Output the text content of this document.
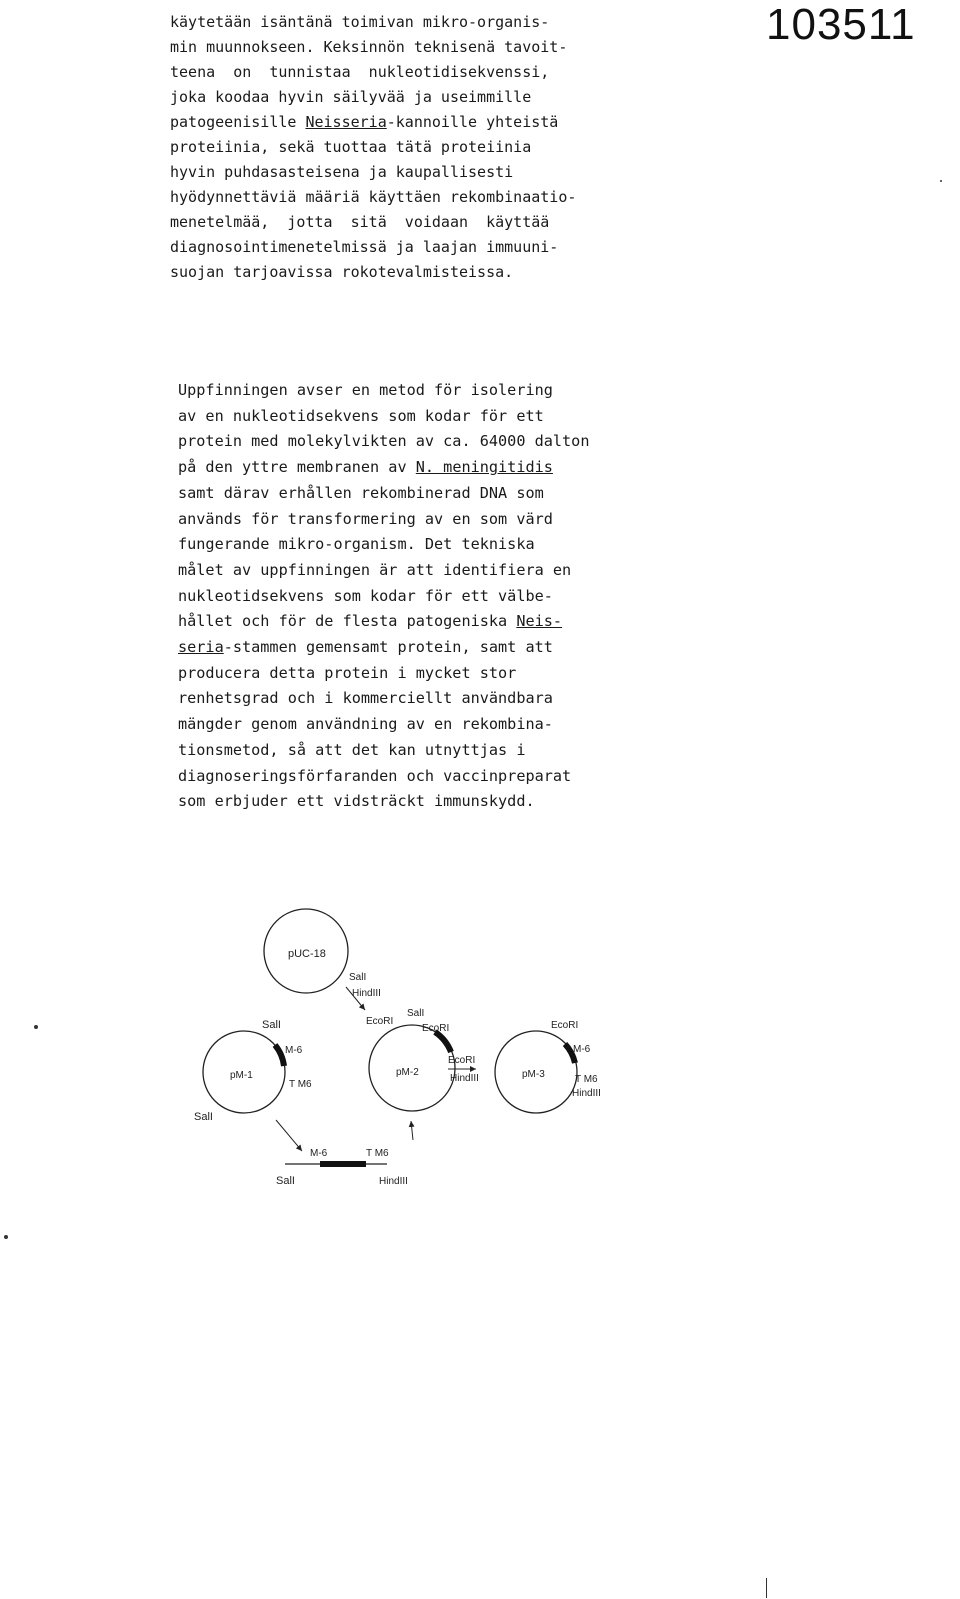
103511
käytetään isäntänä toimivan mikro-organis-
min muunnokseen. Keksinnön teknisenä tavoit-
teena  on  tunnistaa  nukleotidisekvenssi,
joka koodaa hyvin säilyvää ja useimmille
patogeenisille Neisseria-kannoille yhteistä
proteiinia, sekä tuottaa tätä proteiinia
hyvin puhdasasteisena ja kaupallisesti
hyödynnettäviä määriä käyttäen rekombinaatio-
menetelmää,  jotta  sitä  voidaan  käyttää
diagnosointimenetelmissä ja laajan immuuni-
suojan tarjoavissa rokotevalmisteissa.
Uppfinningen avser en metod för isolering
av en nukleotidsekvens som kodar för ett
protein med molekylvikten av ca. 64000 dalton
på den yttre membranen av N. meningitidis
samt därav erhållen rekombinerad DNA som
används för transformering av en som värd
fungerande mikro-organism. Det tekniska
målet av uppfinningen är att identifiera en
nukleotidsekvens som kodar för ett välbe-
hållet och för de flesta patogeniska Neis-
seria-stammen gemensamt protein, samt att
producera detta protein i mycket stor
renhetsgrad och i kommerciellt användbara
mängder genom användning av en rekombina-
tionsmetod, så att det kan utnyttjas i
diagnoseringsförfaranden och vaccinpreparat
som erbjuder ett vidsträckt immunskydd.
pUC-18
SalI
HindIII
pM-1
SalI
M-6
T M6
SalI
pM-2
EcoRI
SalI
EcoRI
EcoRI
HindIII	pM-3
EcoRI
M-6
T M6
HindIII
M-6	T M6
SalI	HindIII
